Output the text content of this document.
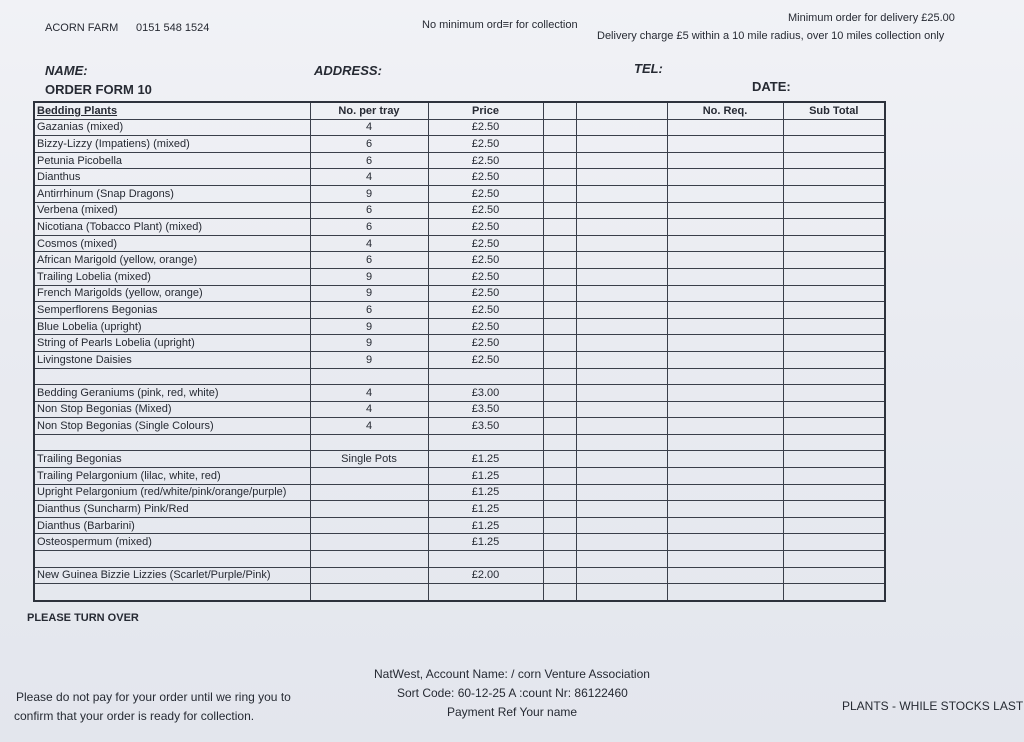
ACORN FARM 0151 548 1524	No minimum ord≡r for collection
Minimum order for delivery £25.00
Delivery charge £5 within a 10 mile radius, over 10 miles collection only
NAME:	ADDRESS:	TEL:
ORDER FORM 10	DATE:
Bedding Plants	No. per tray	Price			No. Req.	Sub Total
Gazanias (mixed)	4	£2.50				
Bizzy-Lizzy (Impatiens) (mixed)	6	£2.50				
Petunia Picobella	6	£2.50				
Dianthus	4	£2.50				
Antirrhinum (Snap Dragons)	9	£2.50				
Verbena (mixed)	6	£2.50				
Nicotiana (Tobacco Plant) (mixed)	6	£2.50				
Cosmos (mixed)	4	£2.50				
African Marigold (yellow, orange)	6	£2.50				
Trailing Lobelia (mixed)	9	£2.50				
French Marigolds (yellow, orange)	9	£2.50				
Semperflorens Begonias	6	£2.50				
Blue Lobelia (upright)	9	£2.50				
String of Pearls Lobelia (upright)	9	£2.50				
Livingstone Daisies	9	£2.50				

Bedding Geraniums (pink, red, white)	4	£3.00				
Non Stop Begonias (Mixed)	4	£3.50				
Non Stop Begonias (Single Colours)	4	£3.50				

Trailing Begonias	Single Pots	£1.25				
Trailing Pelargonium (lilac, white, red)		£1.25				
Upright Pelargonium (red/white/pink/orange/purple)		£1.25				
Dianthus (Suncharm) Pink/Red		£1.25				
Dianthus (Barbarini)		£1.25				
Osteospermum (mixed)		£1.25				

New Guinea Bizzie Lizzies (Scarlet/Purple/Pink)		£2.00				

PLEASE TURN OVER
Please do not pay for your order until we ring you to
confirm that your order is ready for collection.
NatWest, Account Name: / corn Venture Association
Sort Code: 60-12-25 A :count Nr: 86122460
Payment Ref Your name	PLANTS - WHILE STOCKS LAST
